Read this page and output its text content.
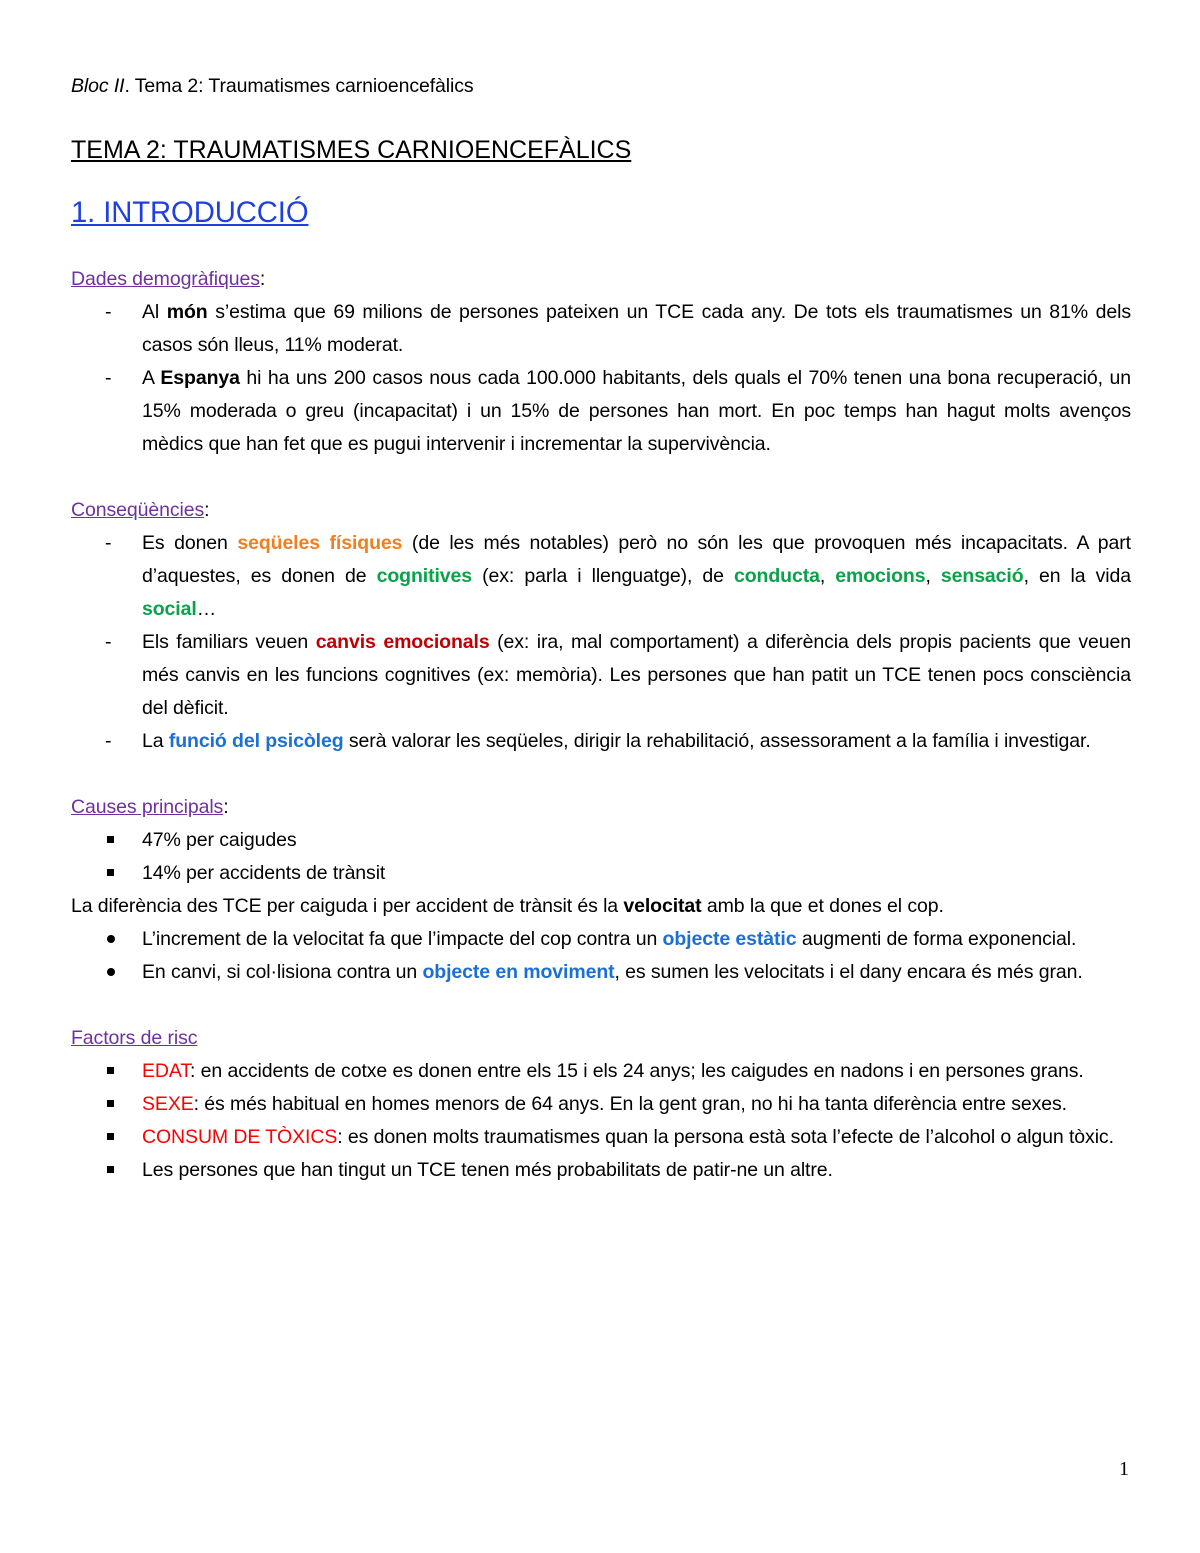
Bloc II. Tema 2: Traumatismes carnioencefàlics

TEMA 2: TRAUMATISMES CARNIOENCEFÀLICS
1. INTRODUCCIÓ

Dades demogràfiques:

-	Al món s’estima que 69 milions de persones pateixen un TCE cada any. De tots els traumatismes un 81% dels casos són lleus, 11% moderat.
-	A Espanya hi ha uns 200 casos nous cada 100.000 habitants, dels quals el 70% tenen una bona recuperació, un 15% moderada o greu (incapacitat) i un 15% de persones han mort. En poc temps han hagut molts avenços mèdics que han fet que es pugui intervenir i incrementar la supervivència.

Conseqüències:

-	Es donen seqüeles físiques (de les més notables) però no són les que provoquen més incapacitats. A part d’aquestes, es donen de cognitives (ex: parla i llenguatge), de conducta, emocions, sensació, en la vida social…
-	Els familiars veuen canvis emocionals (ex: ira, mal comportament) a diferència dels propis pacients que veuen més canvis en les funcions cognitives (ex: memòria). Les persones que han patit un TCE tenen pocs consciència del dèficit.
-	La funció del psicòleg serà valorar les seqüeles, dirigir la rehabilitació, assessorament a la família i investigar.

Causes principals:

47% per caigudes
14% per accidents de trànsit

La diferència des TCE per caiguda i per accident de trànsit és la velocitat amb la que et dones el cop.

L’increment de la velocitat fa que l’impacte del cop contra un objecte estàtic augmenti de forma exponencial.
En canvi, si col·lisiona contra un objecte en moviment, es sumen les velocitats i el dany encara és més gran.

Factors de risc

EDAT: en accidents de cotxe es donen entre els 15 i els 24 anys; les caigudes en nadons i en persones grans.
SEXE: és més habitual en homes menors de 64 anys. En la gent gran, no hi ha tanta diferència entre sexes.
CONSUM DE TÒXICS: es donen molts traumatismes quan la persona està sota l’efecte de l’alcohol o algun tòxic.
Les persones que han tingut un TCE tenen més probabilitats de patir-ne un altre.
1
